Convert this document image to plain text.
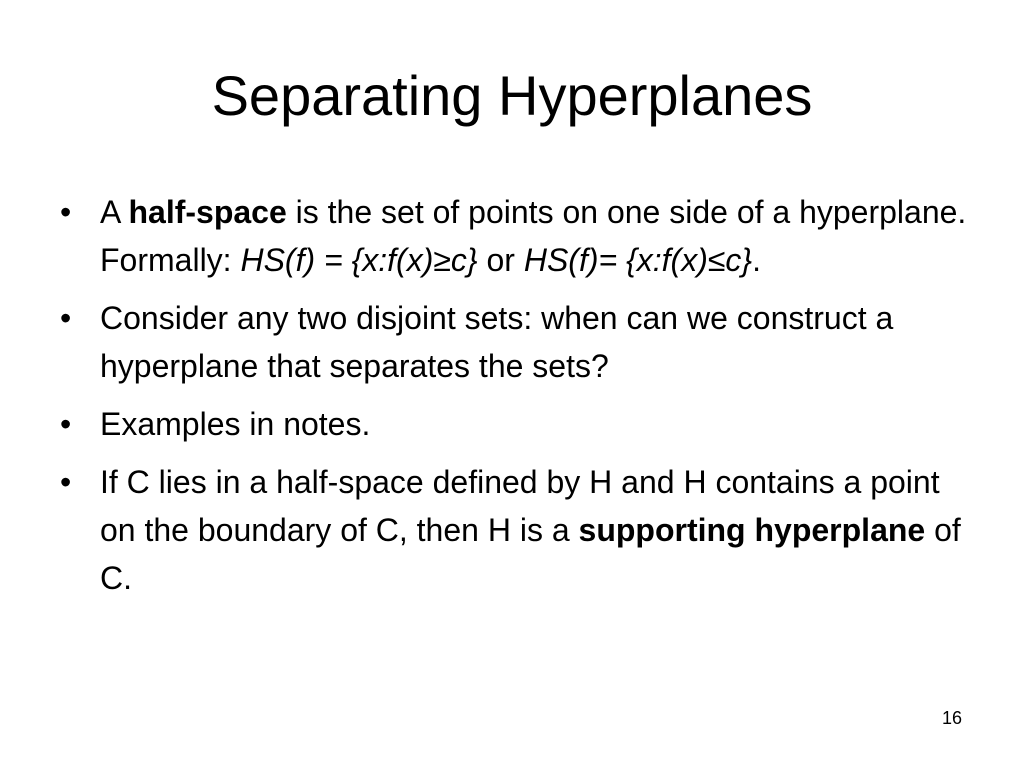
Separating Hyperplanes
• A half-space is the set of points on one side of a hyperplane. Formally: HS(f) = {x:f(x)≥c} or HS(f)= {x:f(x)≤c}.
• Consider any two disjoint sets: when can we construct a hyperplane that separates the sets?
• Examples in notes.
• If C lies in a half-space defined by H and H contains a point on the boundary of C, then H is a supporting hyperplane of C.
16
